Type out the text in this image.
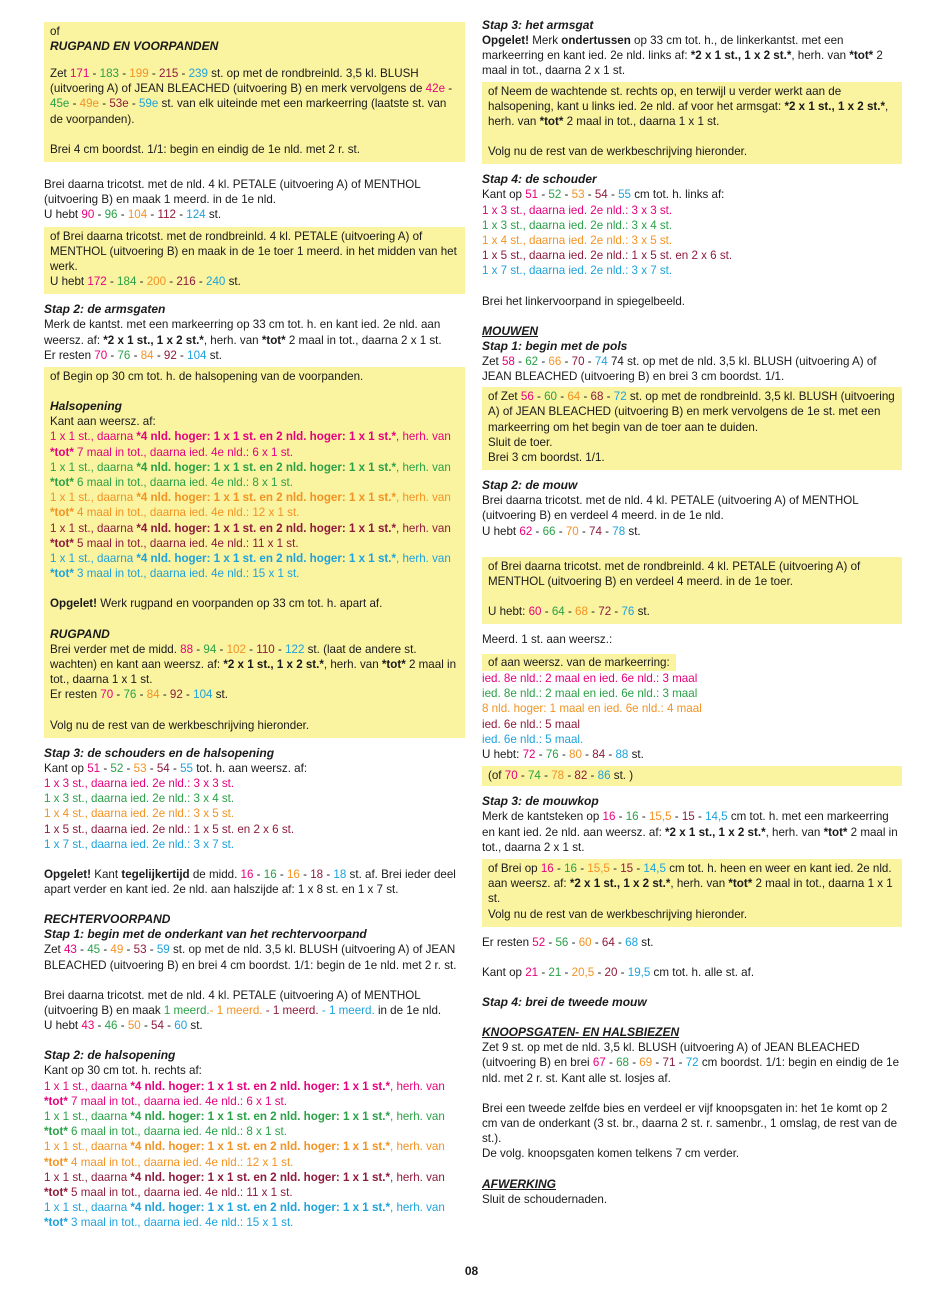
of

RUGPAND EN VOORPANDEN

Zet 171 - 183 - 199 - 215 - 239 st. op met de rondbreinld. 3,5 kl. BLUSH (uitvoering A) of JEAN BLEACHED (uitvoering B) en merk vervolgens de 42e - 45e - 49e - 53e - 59e st. van elk uiteinde met een markeerring (laatste st. van de voorpanden).

Brei 4 cm boordst. 1/1: begin en eindig de 1e nld. met 2 r. st.

Brei daarna tricotst. met de nld. 4 kl. PETALE (uitvoering A) of MENTHOL (uitvoering B) en maak 1 meerd. in de 1e nld.

U hebt 90 - 96 - 104 - 112 - 124 st.

of Brei daarna tricotst. met de rondbreinld. 4 kl. PETALE (uitvoering A) of MENTHOL (uitvoering B) en maak in de 1e toer 1 meerd. in het midden van het werk.

U hebt 172 - 184 - 200 - 216 - 240 st.

Stap 2: de armsgaten

Merk de kantst. met een markeerring op 33 cm tot. h. en kant ied. 2e nld. aan weersz. af: *2 x 1 st., 1 x 2 st.*, herh. van *tot* 2 maal in tot., daarna 2 x 1 st.

Er resten 70 - 76 - 84 - 92 - 104 st.

of Begin op 30 cm tot. h. de halsopening van de voorpanden.

Halsopening

Kant aan weersz. af:

1 x 1 st., daarna *4 nld. hoger: 1 x 1 st. en 2 nld. hoger: 1 x 1 st.*, herh. van *tot* 7 maal in tot., daarna ied. 4e nld.: 6 x 1 st.

1 x 1 st., daarna *4 nld. hoger: 1 x 1 st. en 2 nld. hoger: 1 x 1 st.*, herh. van *tot* 6 maal in tot., daarna ied. 4e nld.: 8 x 1 st.

1 x 1 st., daarna *4 nld. hoger: 1 x 1 st. en 2 nld. hoger: 1 x 1 st.*, herh. van *tot* 4 maal in tot., daarna ied. 4e nld.: 12 x 1 st.

1 x 1 st., daarna *4 nld. hoger: 1 x 1 st. en 2 nld. hoger: 1 x 1 st.*, herh. van *tot* 5 maal in tot., daarna ied. 4e nld.: 11 x 1 st.

1 x 1 st., daarna *4 nld. hoger: 1 x 1 st. en 2 nld. hoger: 1 x 1 st.*, herh. van *tot* 3 maal in tot., daarna ied. 4e nld.: 15 x 1 st.

Opgelet! Werk rugpand en voorpanden op 33 cm tot. h. apart af.

RUGPAND

Brei verder met de midd. 88 - 94 - 102 - 110 - 122 st. (laat de andere st. wachten) en kant aan weersz. af: *2 x 1 st., 1 x 2 st.*, herh. van *tot* 2 maal in tot., daarna 1 x 1 st.

Er resten 70 - 76 - 84 - 92 - 104 st.

Volg nu de rest van de werkbeschrijving hieronder.

Stap 3: de schouders en de halsopening

Kant op 51 - 52 - 53 - 54 - 55 tot. h. aan weersz. af:

1 x 3 st., daarna ied. 2e nld.: 3 x 3 st.

1 x 3 st., daarna ied. 2e nld.: 3 x 4 st.

1 x 4 st., daarna ied. 2e nld.: 3 x 5 st.

1 x 5 st., daarna ied. 2e nld.: 1 x 5 st. en 2 x 6 st.

1 x 7 st., daarna ied. 2e nld.: 3 x 7 st.

Opgelet! Kant tegelijkertijd de midd. 16 - 16 - 16 - 18 - 18 st. af. Brei ieder deel apart verder en kant ied. 2e nld. aan halszijde af: 1 x 8 st. en 1 x 7 st.

RECHTERVOORPAND
Stap 1: begin met de onderkant van het rechtervoorpand

Zet 43 - 45 - 49 - 53 - 59 st. op met de nld. 3,5 kl. BLUSH (uitvoering A) of JEAN BLEACHED (uitvoering B) en brei 4 cm boordst. 1/1: begin de 1e nld. met 2 r. st.

Brei daarna tricotst. met de nld. 4 kl. PETALE (uitvoering A) of MENTHOL (uitvoering B) en maak 1 meerd.- 1 meerd. - 1 meerd. - 1 meerd. in de 1e nld.

U hebt 43 - 46 - 50 - 54 - 60 st.

Stap 2: de halsopening

Kant op 30 cm tot. h. rechts af:

1 x 1 st., daarna *4 nld. hoger: 1 x 1 st. en 2 nld. hoger: 1 x 1 st.*, herh. van *tot* 7 maal in tot., daarna ied. 4e nld.: 6 x 1 st.

1 x 1 st., daarna *4 nld. hoger: 1 x 1 st. en 2 nld. hoger: 1 x 1 st.*, herh. van *tot* 6 maal in tot., daarna ied. 4e nld.: 8 x 1 st.

1 x 1 st., daarna *4 nld. hoger: 1 x 1 st. en 2 nld. hoger: 1 x 1 st.*, herh. van *tot* 4 maal in tot., daarna ied. 4e nld.: 12 x 1 st.

1 x 1 st., daarna *4 nld. hoger: 1 x 1 st. en 2 nld. hoger: 1 x 1 st.*, herh. van *tot* 5 maal in tot., daarna ied. 4e nld.: 11 x 1 st.

1 x 1 st., daarna *4 nld. hoger: 1 x 1 st. en 2 nld. hoger: 1 x 1 st.*, herh. van *tot* 3 maal in tot., daarna ied. 4e nld.: 15 x 1 st.

Stap 3: het armsgat

Opgelet! Merk ondertussen op 33 cm tot. h., de linkerkantst. met een markeerring en kant ied. 2e nld. links af: *2 x 1 st., 1 x 2 st.*, herh. van *tot* 2 maal in tot., daarna 2 x 1 st.

of Neem de wachtende st. rechts op, en terwijl u verder werkt aan de halsopening, kant u links ied. 2e nld. af voor het armsgat: *2 x 1 st., 1 x 2 st.*, herh. van *tot* 2 maal in tot., daarna 1 x 1 st.

Volg nu de rest van de werkbeschrijving hieronder.

Stap 4: de schouder

Kant op 51 - 52 - 53 - 54 - 55 cm tot. h. links af:

1 x 3 st., daarna ied. 2e nld.: 3 x 3 st.

1 x 3 st., daarna ied. 2e nld.: 3 x 4 st.

1 x 4 st., daarna ied. 2e nld.: 3 x 5 st.

1 x 5 st., daarna ied. 2e nld.: 1 x 5 st. en 2 x 6 st.

1 x 7 st., daarna ied. 2e nld.: 3 x 7 st.

Brei het linkervoorpand in spiegelbeeld.

MOUWEN
Stap 1: begin met de pols

Zet 58 - 62 - 66 - 70 - 74 74 st. op met de nld. 3,5 kl. BLUSH (uitvoering A) of JEAN BLEACHED (uitvoering B) en brei 3 cm boordst. 1/1.

of Zet 56 - 60 - 64 - 68 - 72 st. op met de rondbreinld. 3,5 kl. BLUSH (uitvoering A) of JEAN BLEACHED (uitvoering B) en merk vervolgens de 1e st. met een markeerring om het begin van de toer aan te duiden.

Sluit de toer.

Brei 3 cm boordst. 1/1.

Stap 2: de mouw

Brei daarna tricotst. met de nld. 4 kl. PETALE (uitvoering A) of MENTHOL (uitvoering B) en verdeel 4 meerd. in de 1e nld.

U hebt 62 - 66 - 70 - 74 - 78 st.

of Brei daarna tricotst. met de rondbreinld. 4 kl. PETALE (uitvoering A) of MENTHOL (uitvoering B) en verdeel 4 meerd. in de 1e toer.

U hebt: 60 - 64 - 68 - 72 - 76 st.

Meerd. 1 st. aan weersz.:

of aan weersz. van de markeerring:

ied. 8e nld.: 2 maal en ied. 6e nld.: 3 maal

ied. 8e nld.: 2 maal en ied. 6e nld.: 3 maal

8 nld. hoger: 1 maal en ied. 6e nld.: 4 maal

ied. 6e nld.: 5 maal

ied. 6e nld.: 5 maal.

U hebt: 72 - 76 - 80 - 84 - 88 st.

(of 70 - 74 - 78 - 82 - 86 st. )

Stap 3: de mouwkop

Merk de kantsteken op 16 - 16 - 15,5 - 15 - 14,5 cm tot. h. met een markeerring en kant ied. 2e nld. aan weersz. af: *2 x 1 st., 1 x 2 st.*, herh. van *tot* 2 maal in tot., daarna 2 x 1 st.

of Brei op 16 - 16 - 15,5 - 15 - 14,5 cm tot. h. heen en weer en kant ied. 2e nld. aan weersz. af: *2 x 1 st., 1 x 2 st.*, herh. van *tot* 2 maal in tot., daarna 1 x 1 st.

Volg nu de rest van de werkbeschrijving hieronder.

Er resten 52 - 56 - 60 - 64 - 68 st.

Kant op 21 - 21 - 20,5 - 20 - 19,5 cm tot. h. alle st. af.

Stap 4: brei de tweede mouw
KNOOPSGATEN- EN HALSBIEZEN

Zet 9 st. op met de nld. 3,5 kl. BLUSH (uitvoering A) of JEAN BLEACHED (uitvoering B) en brei 67 - 68 - 69 - 71 - 72 cm boordst. 1/1: begin en eindig de 1e nld. met 2 r. st. Kant alle st. losjes af.

Brei een tweede zelfde bies en verdeel er vijf knoopsgaten in: het 1e komt op 2 cm van de onderkant (3 st. br., daarna 2 st. r. samenbr., 1 omslag, de rest van de st.).

De volg. knoopsgaten komen telkens 7 cm verder.

AFWERKING

Sluit de schoudernaden.

08
